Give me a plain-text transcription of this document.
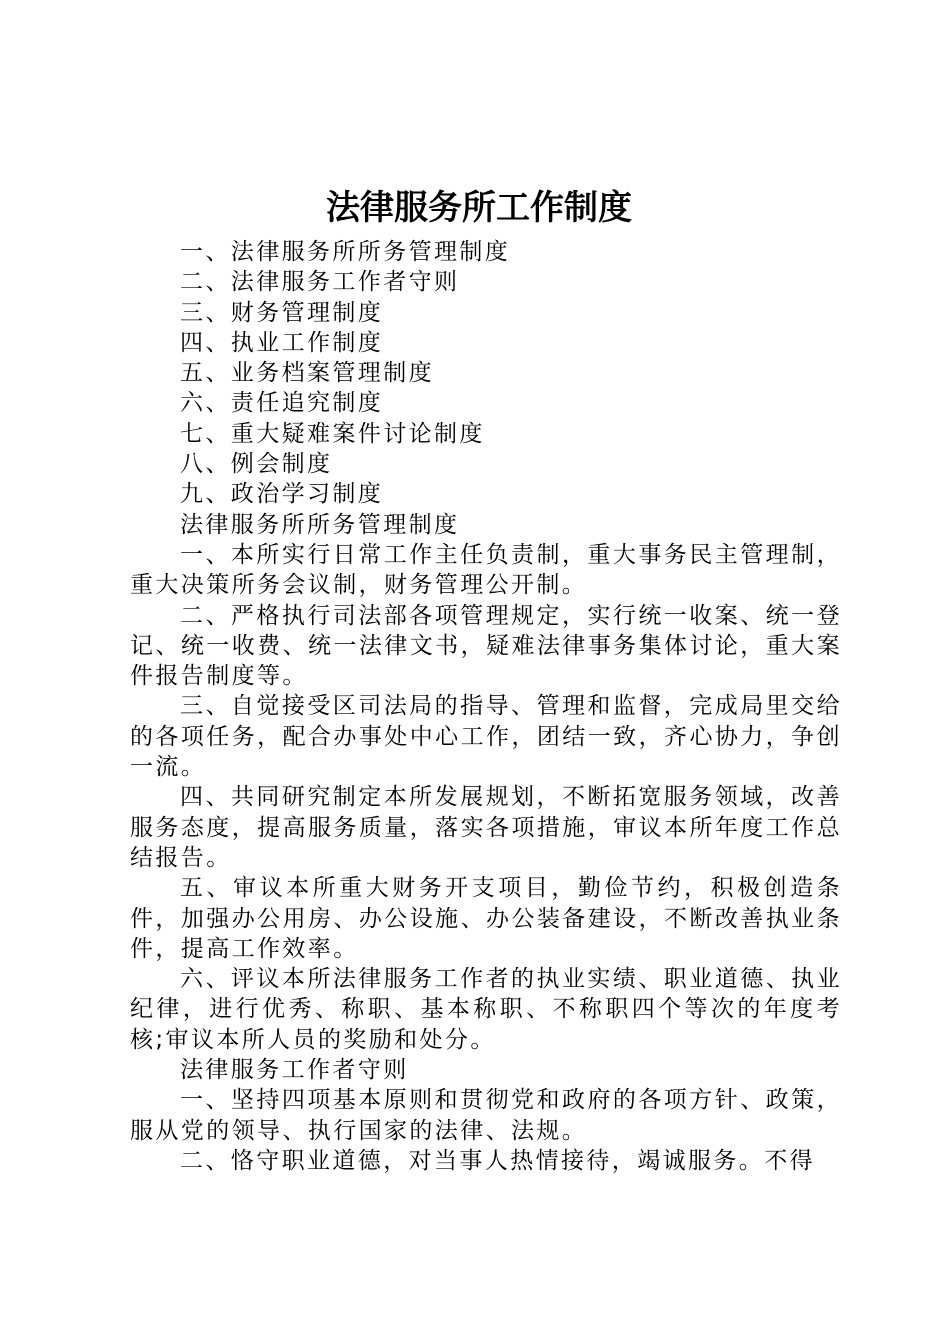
法律服务所工作制度
一、法律服务所所务管理制度
二、法律服务工作者守则
三、财务管理制度
四、执业工作制度
五、业务档案管理制度
六、责任追究制度
七、重大疑难案件讨论制度
八、例会制度
九、政治学习制度
法律服务所所务管理制度

一、本所实行日常工作主任负责制，重大事务民主管理制，重大决策所务会议制，财务管理公开制。

二、严格执行司法部各项管理规定，实行统一收案、统一登记、统一收费、统一法律文书，疑难法律事务集体讨论，重大案件报告制度等。

三、自觉接受区司法局的指导、管理和监督，完成局里交给的各项任务，配合办事处中心工作，团结一致，齐心协力，争创一流。

四、共同研究制定本所发展规划，不断拓宽服务领域，改善服务态度，提高服务质量，落实各项措施，审议本所年度工作总结报告。

五、审议本所重大财务开支项目，勤俭节约，积极创造条件，加强办公用房、办公设施、办公装备建设，不断改善执业条件，提高工作效率。

六、评议本所法律服务工作者的执业实绩、职业道德、执业纪律，进行优秀、称职、基本称职、不称职四个等次的年度考核;审议本所人员的奖励和处分。

法律服务工作者守则

一、坚持四项基本原则和贯彻党和政府的各项方针、政策，服从党的领导、执行国家的法律、法规。

二、恪守职业道德，对当事人热情接待，竭诚服务。不得
